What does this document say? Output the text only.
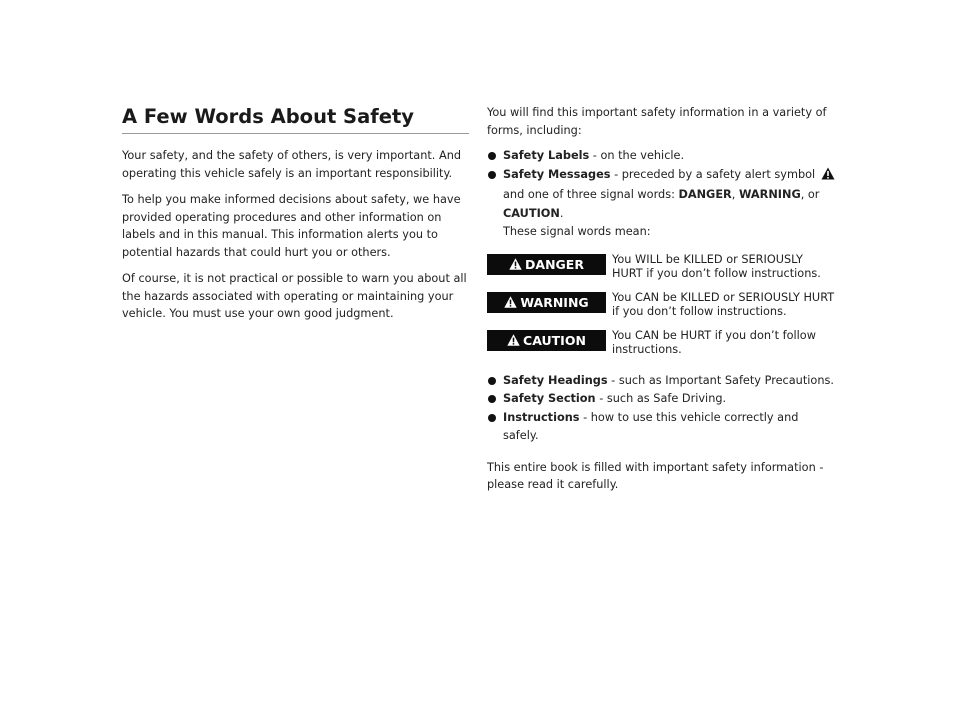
A Few Words About Safety

Your safety, and the safety of others, is very important. And operating this vehicle safely is an important responsibility.

To help you make informed decisions about safety, we have provided operating procedures and other information on labels and in this manual. This information alerts you to potential hazards that could hurt you or others.

Of course, it is not practical or possible to warn you about all the hazards associated with operating or maintaining your vehicle. You must use your own good judgment.

You will find this important safety information in a variety of forms, including:

Safety Labels - on the vehicle.
Safety Messages - preceded by a safety alert symbol  and one of three signal words: DANGER, WARNING, or CAUTION.
These signal words mean:
DANGER You WILL be KILLED or SERIOUSLY HURT if you don’t follow instructions.
WARNING You CAN be KILLED or SERIOUSLY HURT if you don’t follow instructions.
CAUTION You CAN be HURT if you don’t follow instructions.
Safety Headings - such as Important Safety Precautions.
Safety Section - such as Safe Driving.
Instructions - how to use this vehicle correctly and safely.

This entire book is filled with important safety information - please read it carefully.
